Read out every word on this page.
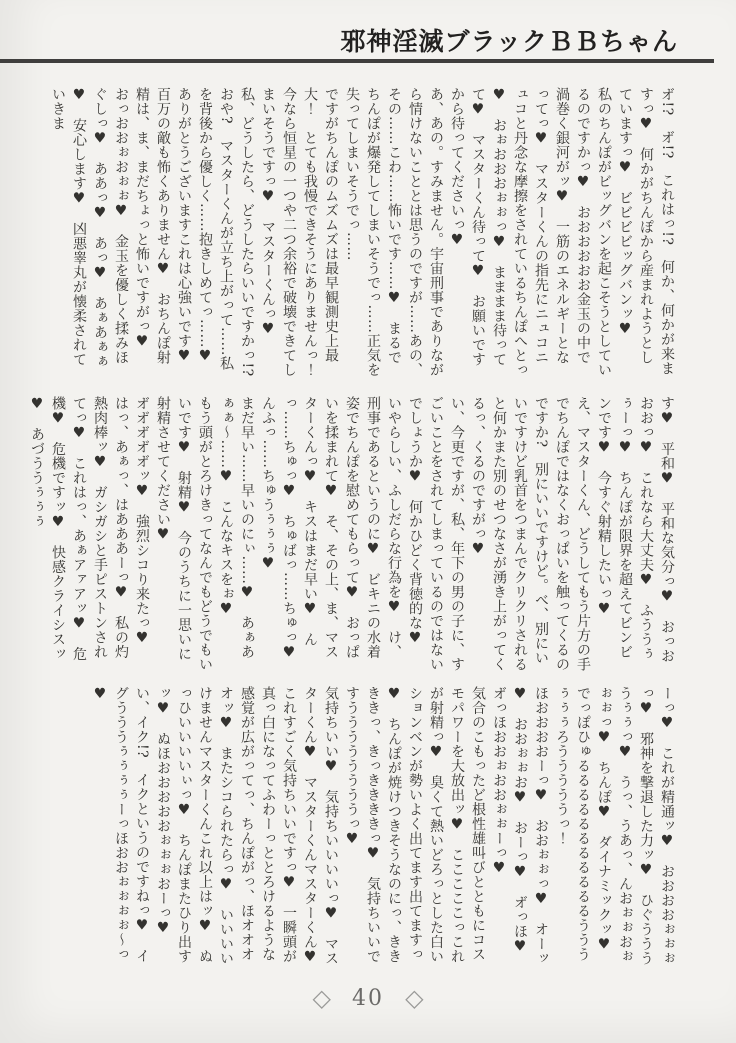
邪神淫滅ブラックＢＢちゃん

オ゙!?　オ゙!?　これはっ!?　何か、何かが来ますっ♥　何かがちんぽから産まれようとしていますっ♥　ビビビビッグバンッ♥

私のちんぽがビッグバンを起こそうとしているのですかっ♥　おおおおおお金玉の中で渦巻く銀河がッ♥　一筋のエネルギーとなってっ♥　マスターくんの指先にニュコニュコと丹念な摩擦をされているちんぽへとっ♥　おぉおおおぉぉっ♥　まままま待ってて♥　マスターくん待って♥　お願いですから待ってくださいっ♥

あ、あの。すみません。宇宙刑事でありながら情けないこととは思うのですが……あの、その……こわ……怖いです……♥　まるでちんぽが爆発してしまいそうでっ……正気を失ってしまいそうでっ……

ですがちんぽのムズムズは最早観測史上最大！　とても我慢できそうにありませんっ！　今なら恒星の一つや二つ余裕で破壊できてしまいそうですっ♥　マスターくんっ♥　私、どうしたら、どうしたらいいですかっ!?

おや?　マスターくんが立ち上がって……私を背後から優しく……抱きしめてっ……♥　ありがとうございますこれは心強いです♥　百万の敵も怖くありません♥　おちんぽ射精は、ま、まだちょっと怖いですがっ♥

おっおおぉおぉぉ♥　金玉を優しく揉みほぐしっ♥　ああっ♥　あっ♥　あぁあぁぁ♥　安心します♥　凶悪睾丸が懐柔されていきま

す♥　平和♥　平和な気分っ♥　おっおおおっ♥　これなら大丈夫♥　ふううぅぅーっ♥　ちんぽが限界を超えてビンビンです♥　今すぐ射精したいっ♥

え、マスターくん、どうしてもう片方の手でちんぽではなくおっぱいを触ってくるのですか?　別にいいですけど。べ、別にいいですけど乳首をつまんでクリクリされると何かまた別のせつなさが湧き上がってくるっ、くるのですがっ♥

い、今更ですが、私、年下の男の子に、すごいことをされてしまっているのではないでしょうか♥　何かひどく背徳的な♥　いやらしい、ふしだらな行為を♥　け、刑事であるというのに♥　ビキニの水着姿でちんぽを慰めてもらって♥　おっぱいを揉まれて♥　そ、その上、ま、マスターくんっ♥　キスはまだ早い♥　んっ……ちゅっ♥　ちゅばっ……ちゅっ♥　んふっ……ちゅうぅぅぅ♥

まだ早い……早いのにぃ……♥　あぁあぁぁ〜……♥　こんなキスをぉ♥

もう頭がとろけきってなんでもどうでもいいです♥　射精♥　今のうちに一思いに射精させてください♥

オ゙オ゙オ゙オ゙オ゙ッ♥　強烈シコり来たっ♥　はっ、あぁっ、はあああーっ♥　私の灼熱肉棒ッ♥　ガシガシと手ピストンされてっ♥　これはっ、あぁアァアッ♥　危機♥　危機ですッ♥　快感クライシスッ♥　あづううぅぅぅ

ーっ♥　これが精通ッ♥　おおおおぉぉぉっ♥　邪神を撃退した力ッ♥　ひぐううううぅぅっ♥　うっ、うあっ、んおぉぉおぉぉぉっ♥　ちんぽ♥　ダイナミックッ♥

でっぽひゅるるるるるるるるるるるうううぅぅぅろうううううっ！

ほおおおおーっ♥　おおぉぉっ♥　オーッ♥　おおぉぉお♥　おーっ♥　オ゙っほ♥　オ゙っほおおぉおおぉぉーっ♥

気合のこもったど根性雄叫びとともにコスモパワーを大放出ッ♥　こここここっこれが射精っ♥　臭くて熱いどろっとした白いションベンが勢いよく出てます出てますっ♥　ちんぽが焼けつきそうなのにっ、ききききっ、きっききききっ♥　気持ちいいですううううううううっ♥

気持ちいい♥　気持ちいいいいっ♥　マスターくん♥　マスターくんマスターくん♥　これすごく気持ちいいですっ♥　一瞬頭が真っ白になってふわーっととろけるような感覚が広がってっ、ちんぽがっ、ほオオオオッ♥　またシコられたらっ♥　いいいいけませんマスターくんこれ以上はッ♥　ぬっひいいいいぃっ♥　ちんぽまたひり出すッ♥　ぬほおおおおおぉぉぉおーっ♥　い、イク!?　イクというのですねっ♥　イグうううぅぅぅぅーっほおおぉぉぉぉ〜っ♥

◇ 40 ◇
